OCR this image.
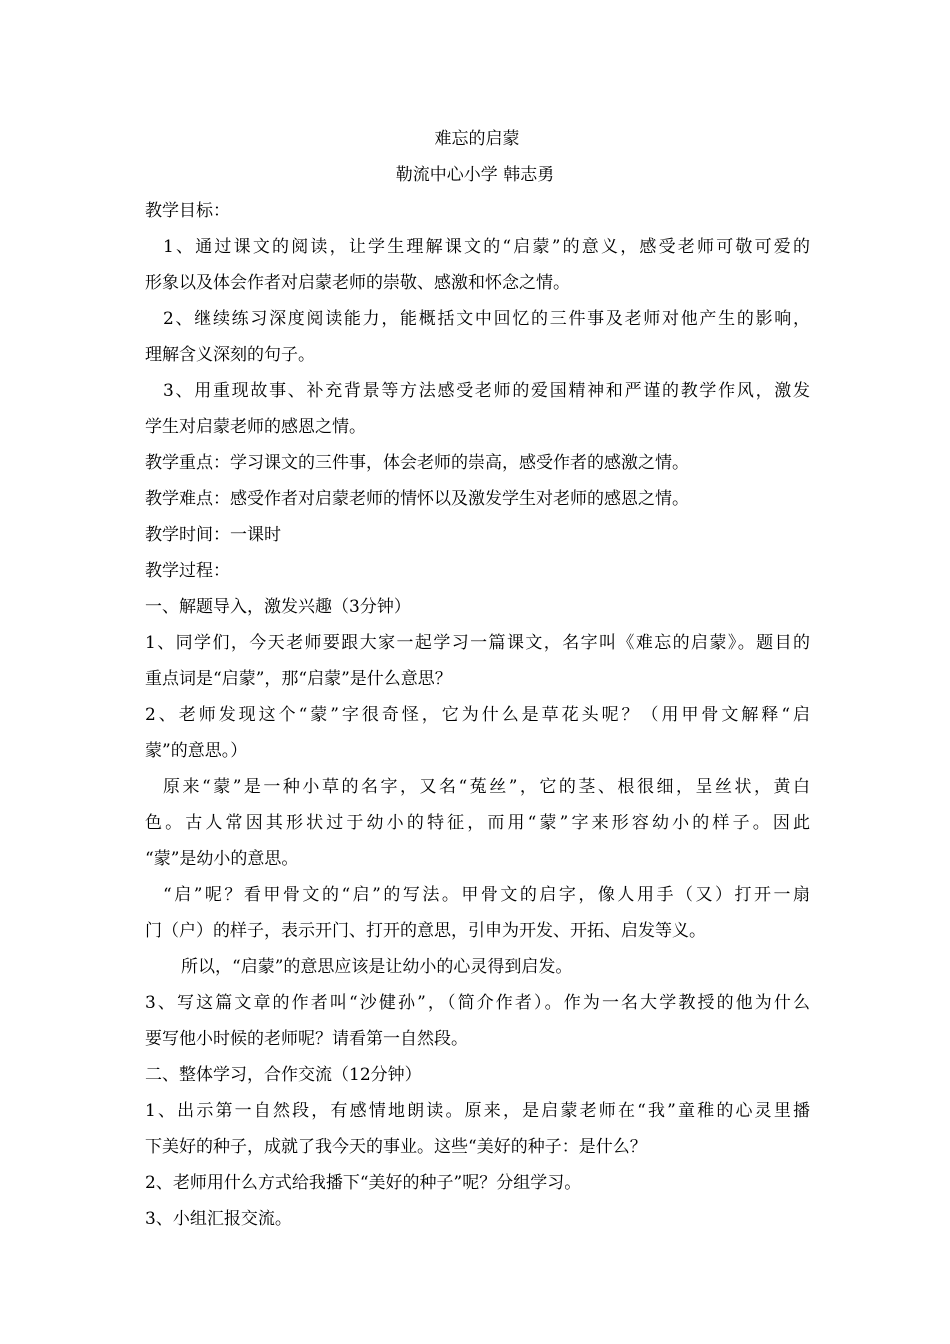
难忘的启蒙
勒流中心小学 韩志勇
教学目标：
1、通过课文的阅读，让学生理解课文的“启蒙”的意义，感受老师可敬可爱的
形象以及体会作者对启蒙老师的崇敬、感激和怀念之情。
2、继续练习深度阅读能力，能概括文中回忆的三件事及老师对他产生的影响，
理解含义深刻的句子。
3、用重现故事、补充背景等方法感受老师的爱国精神和严谨的教学作风，激发
学生对启蒙老师的感恩之情。
教学重点：学习课文的三件事，体会老师的崇高，感受作者的感激之情。
教学难点：感受作者对启蒙老师的情怀以及激发学生对老师的感恩之情。
教学时间：一课时
教学过程：
一、解题导入，激发兴趣（3分钟）
1、同学们，今天老师要跟大家一起学习一篇课文，名字叫《难忘的启蒙》。题目的
重点词是“启蒙”，那“启蒙”是什么意思？
2、老师发现这个“蒙”字很奇怪，它为什么是草花头呢？（用甲骨文解释“启
蒙”的意思。）
原来“蒙”是一种小草的名字，又名“菟丝”，它的茎、根很细，呈丝状，黄白
色。古人常因其形状过于幼小的特征，而用“蒙”字来形容幼小的样子。因此
“蒙”是幼小的意思。
“启”呢？看甲骨文的“启”的写法。甲骨文的启字，像人用手（又）打开一扇
门（户）的样子，表示开门、打开的意思，引申为开发、开拓、启发等义。
所以，“启蒙”的意思应该是让幼小的心灵得到启发。
3、写这篇文章的作者叫“沙健孙”，（简介作者）。作为一名大学教授的他为什么
要写他小时候的老师呢？请看第一自然段。
二、整体学习，合作交流（12分钟）
1、出示第一自然段，有感情地朗读。原来，是启蒙老师在“我”童稚的心灵里播
下美好的种子，成就了我今天的事业。这些“美好的种子：是什么？
2、老师用什么方式给我播下“美好的种子”呢？分组学习。
3、小组汇报交流。
